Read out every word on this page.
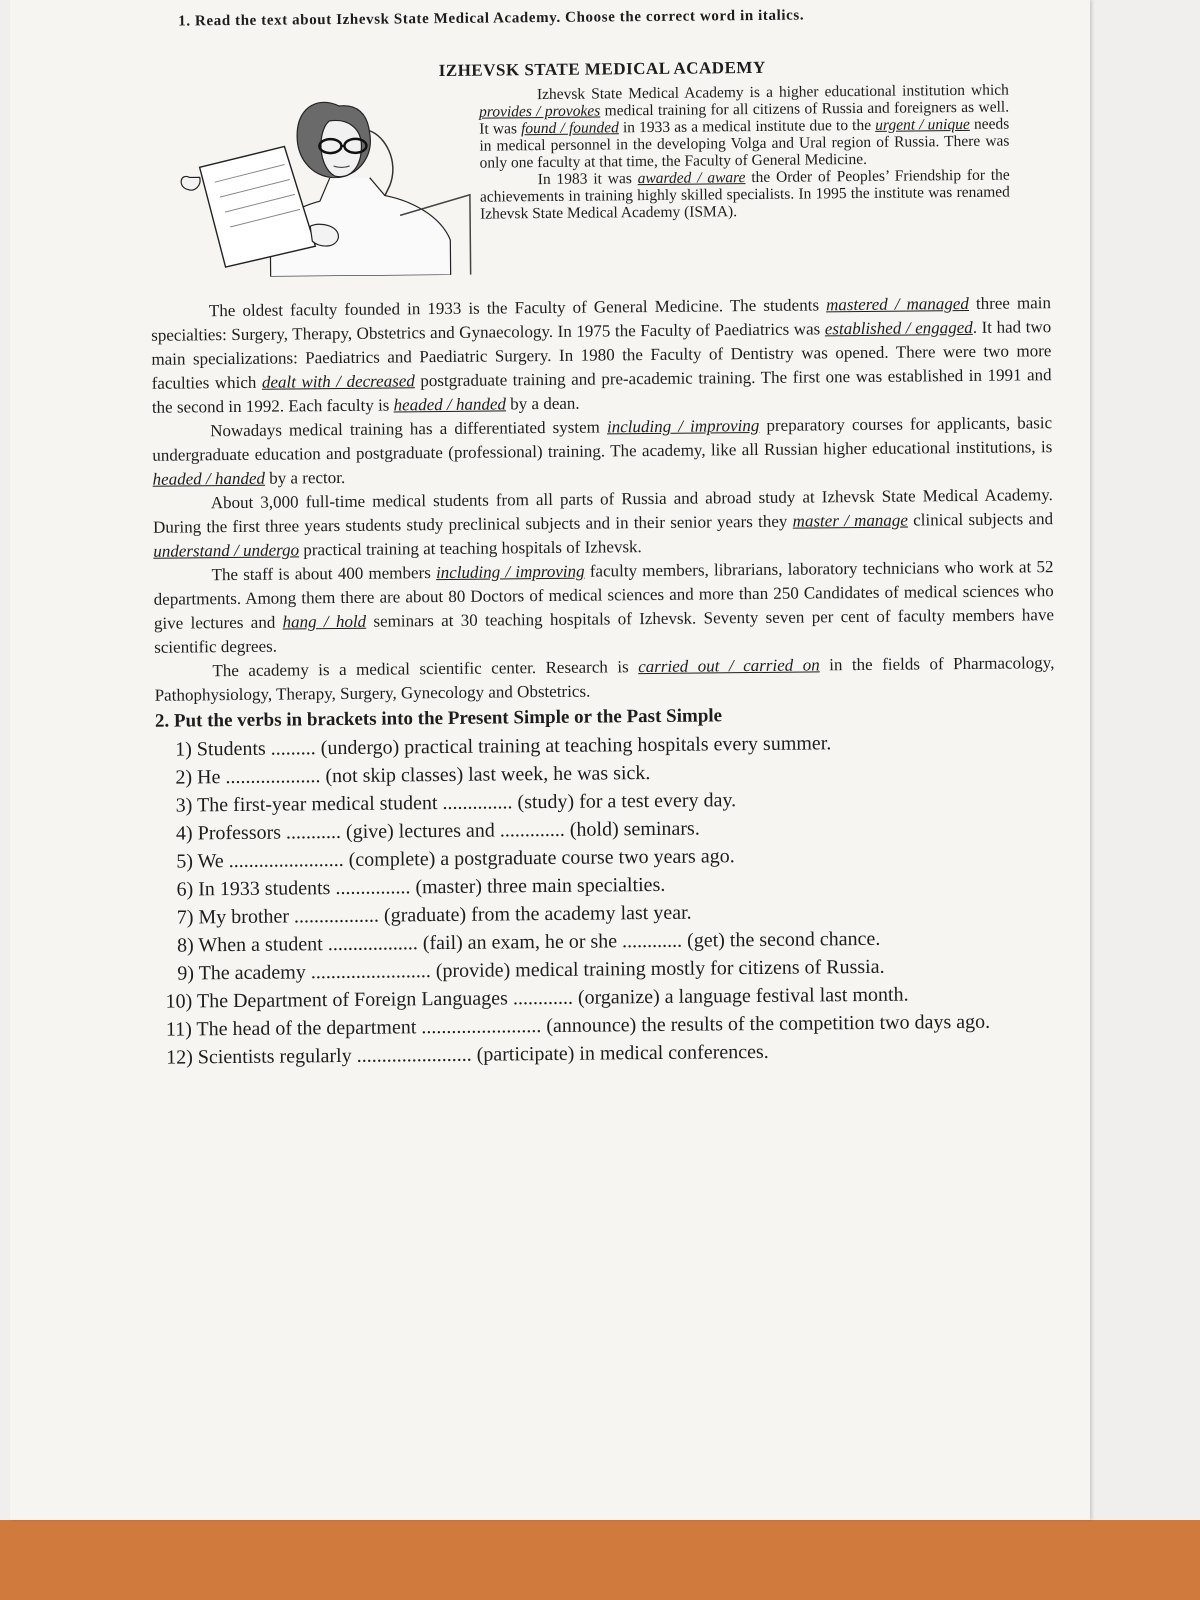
1. Read the text about Izhevsk State Medical Academy. Choose the correct word in italics.
IZHEVSK STATE MEDICAL ACADEMY

Izhevsk State Medical Academy is a higher educational institution which provides / provokes medical training for all citizens of Russia and foreigners as well. It was found / founded in 1933 as a medical institute due to the urgent / unique needs in medical personnel in the developing Volga and Ural region of Russia. There was only one faculty at that time, the Faculty of General Medicine.

In 1983 it was awarded / aware the Order of Peoples’ Friendship for the achievements in training highly skilled specialists. In 1995 the institute was renamed Izhevsk State Medical Academy (ISMA).

The oldest faculty founded in 1933 is the Faculty of General Medicine. The students mastered / managed three main specialties: Surgery, Therapy, Obstetrics and Gynaecology. In 1975 the Faculty of Paediatrics was established / engaged. It had two main specializations: Paediatrics and Paediatric Surgery. In 1980 the Faculty of Dentistry was opened. There were two more faculties which dealt with / decreased postgraduate training and pre-academic training. The first one was established in 1991 and the second in 1992. Each faculty is headed / handed by a dean.

Nowadays medical training has a differentiated system including / improving preparatory courses for applicants, basic undergraduate education and postgraduate (professional) training. The academy, like all Russian higher educational institutions, is headed / handed by a rector.

About 3,000 full-time medical students from all parts of Russia and abroad study at Izhevsk State Medical Academy. During the first three years students study preclinical subjects and in their senior years they master / manage clinical subjects and understand / undergo practical training at teaching hospitals of Izhevsk.

The staff is about 400 members including / improving faculty members, librarians, laboratory technicians who work at 52 departments. Among them there are about 80 Doctors of medical sciences and more than 250 Candidates of medical sciences who give lectures and hang / hold seminars at 30 teaching hospitals of Izhevsk. Seventy seven per cent of faculty members have scientific degrees.

The academy is a medical scientific center. Research is carried out / carried on in the fields of Pharmacology, Pathophysiology, Therapy, Surgery, Gynecology and Obstetrics.

2. Put the verbs in brackets into the Present Simple or the Past Simple
1) Students ......... (undergo) practical training at teaching hospitals every summer.
2) He ................... (not skip classes) last week, he was sick.
3) The first-year medical student .............. (study) for a test every day.
4) Professors ........... (give) lectures and ............. (hold) seminars.
5) We ....................... (complete) a postgraduate course two years ago.
6) In 1933 students ............... (master) three main specialties.
7) My brother ................. (graduate) from the academy last year.
8) When a student .................. (fail) an exam, he or she ............ (get) the second chance.
9) The academy ........................ (provide) medical training mostly for citizens of Russia.
10) The Department of Foreign Languages ............ (organize) a language festival last month.
11) The head of the department ........................ (announce) the results of the competition two days ago.
12) Scientists regularly ....................... (participate) in medical conferences.
